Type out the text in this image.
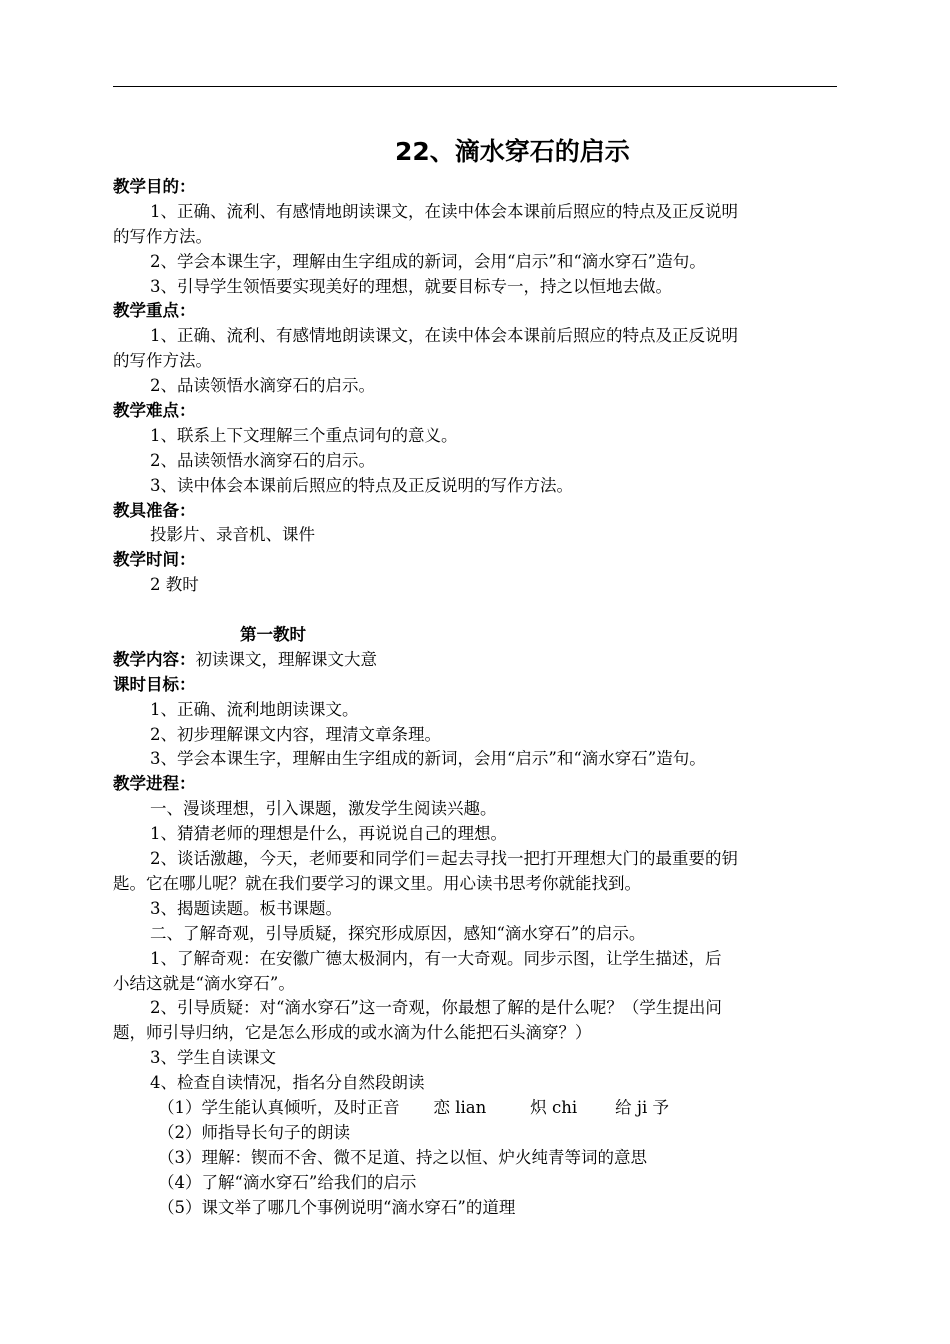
22、滴水穿石的启示
教学目的：
1、正确、流利、有感情地朗读课文，在读中体会本课前后照应的特点及正反说明
的写作方法。
2、学会本课生字，理解由生字组成的新词，会用“启示”和“滴水穿石”造句。
3、引导学生领悟要实现美好的理想，就要目标专一，持之以恒地去做。
教学重点：
1、正确、流利、有感情地朗读课文，在读中体会本课前后照应的特点及正反说明
的写作方法。
2、品读领悟水滴穿石的启示。
教学难点：
1、联系上下文理解三个重点词句的意义。
2、品读领悟水滴穿石的启示。
3、读中体会本课前后照应的特点及正反说明的写作方法。
教具准备：
投影片、录音机、课件
教学时间：
2 教时
第一教时
教学内容：初读课文，理解课文大意
课时目标：
1、正确、流利地朗读课文。
2、初步理解课文内容，理清文章条理。
3、学会本课生字，理解由生字组成的新词，会用“启示”和“滴水穿石”造句。
教学进程：
一、漫谈理想，引入课题，激发学生阅读兴趣。
1、猜猜老师的理想是什么，再说说自己的理想。
2、谈话激趣，今天，老师要和同学们＝起去寻找一把打开理想大门的最重要的钥
匙。它在哪儿呢？就在我们要学习的课文里。用心读书思考你就能找到。
3、揭题读题。板书课题。
二、了解奇观，引导质疑，探究形成原因，感知“滴水穿石”的启示。
1、了解奇观：在安徽广德太极洞内，有一大奇观。同步示图，让学生描述，后
小结这就是“滴水穿石”。
2、引导质疑：对“滴水穿石”这一奇观，你最想了解的是什么呢？（学生提出问
题，师引导归纳，它是怎么形成的或水滴为什么能把石头滴穿？）
3、学生自读课文
4、检查自读情况，指名分自然段朗读
（1）学生能认真倾听，及时正音 恋 lian	炽 chi 给 ji 予
（2）师指导长句子的朗读
（3）理解：锲而不舍、微不足道、持之以恒、炉火纯青等词的意思
（4）了解“滴水穿石”给我们的启示
（5）课文举了哪几个事例说明“滴水穿石”的道理
